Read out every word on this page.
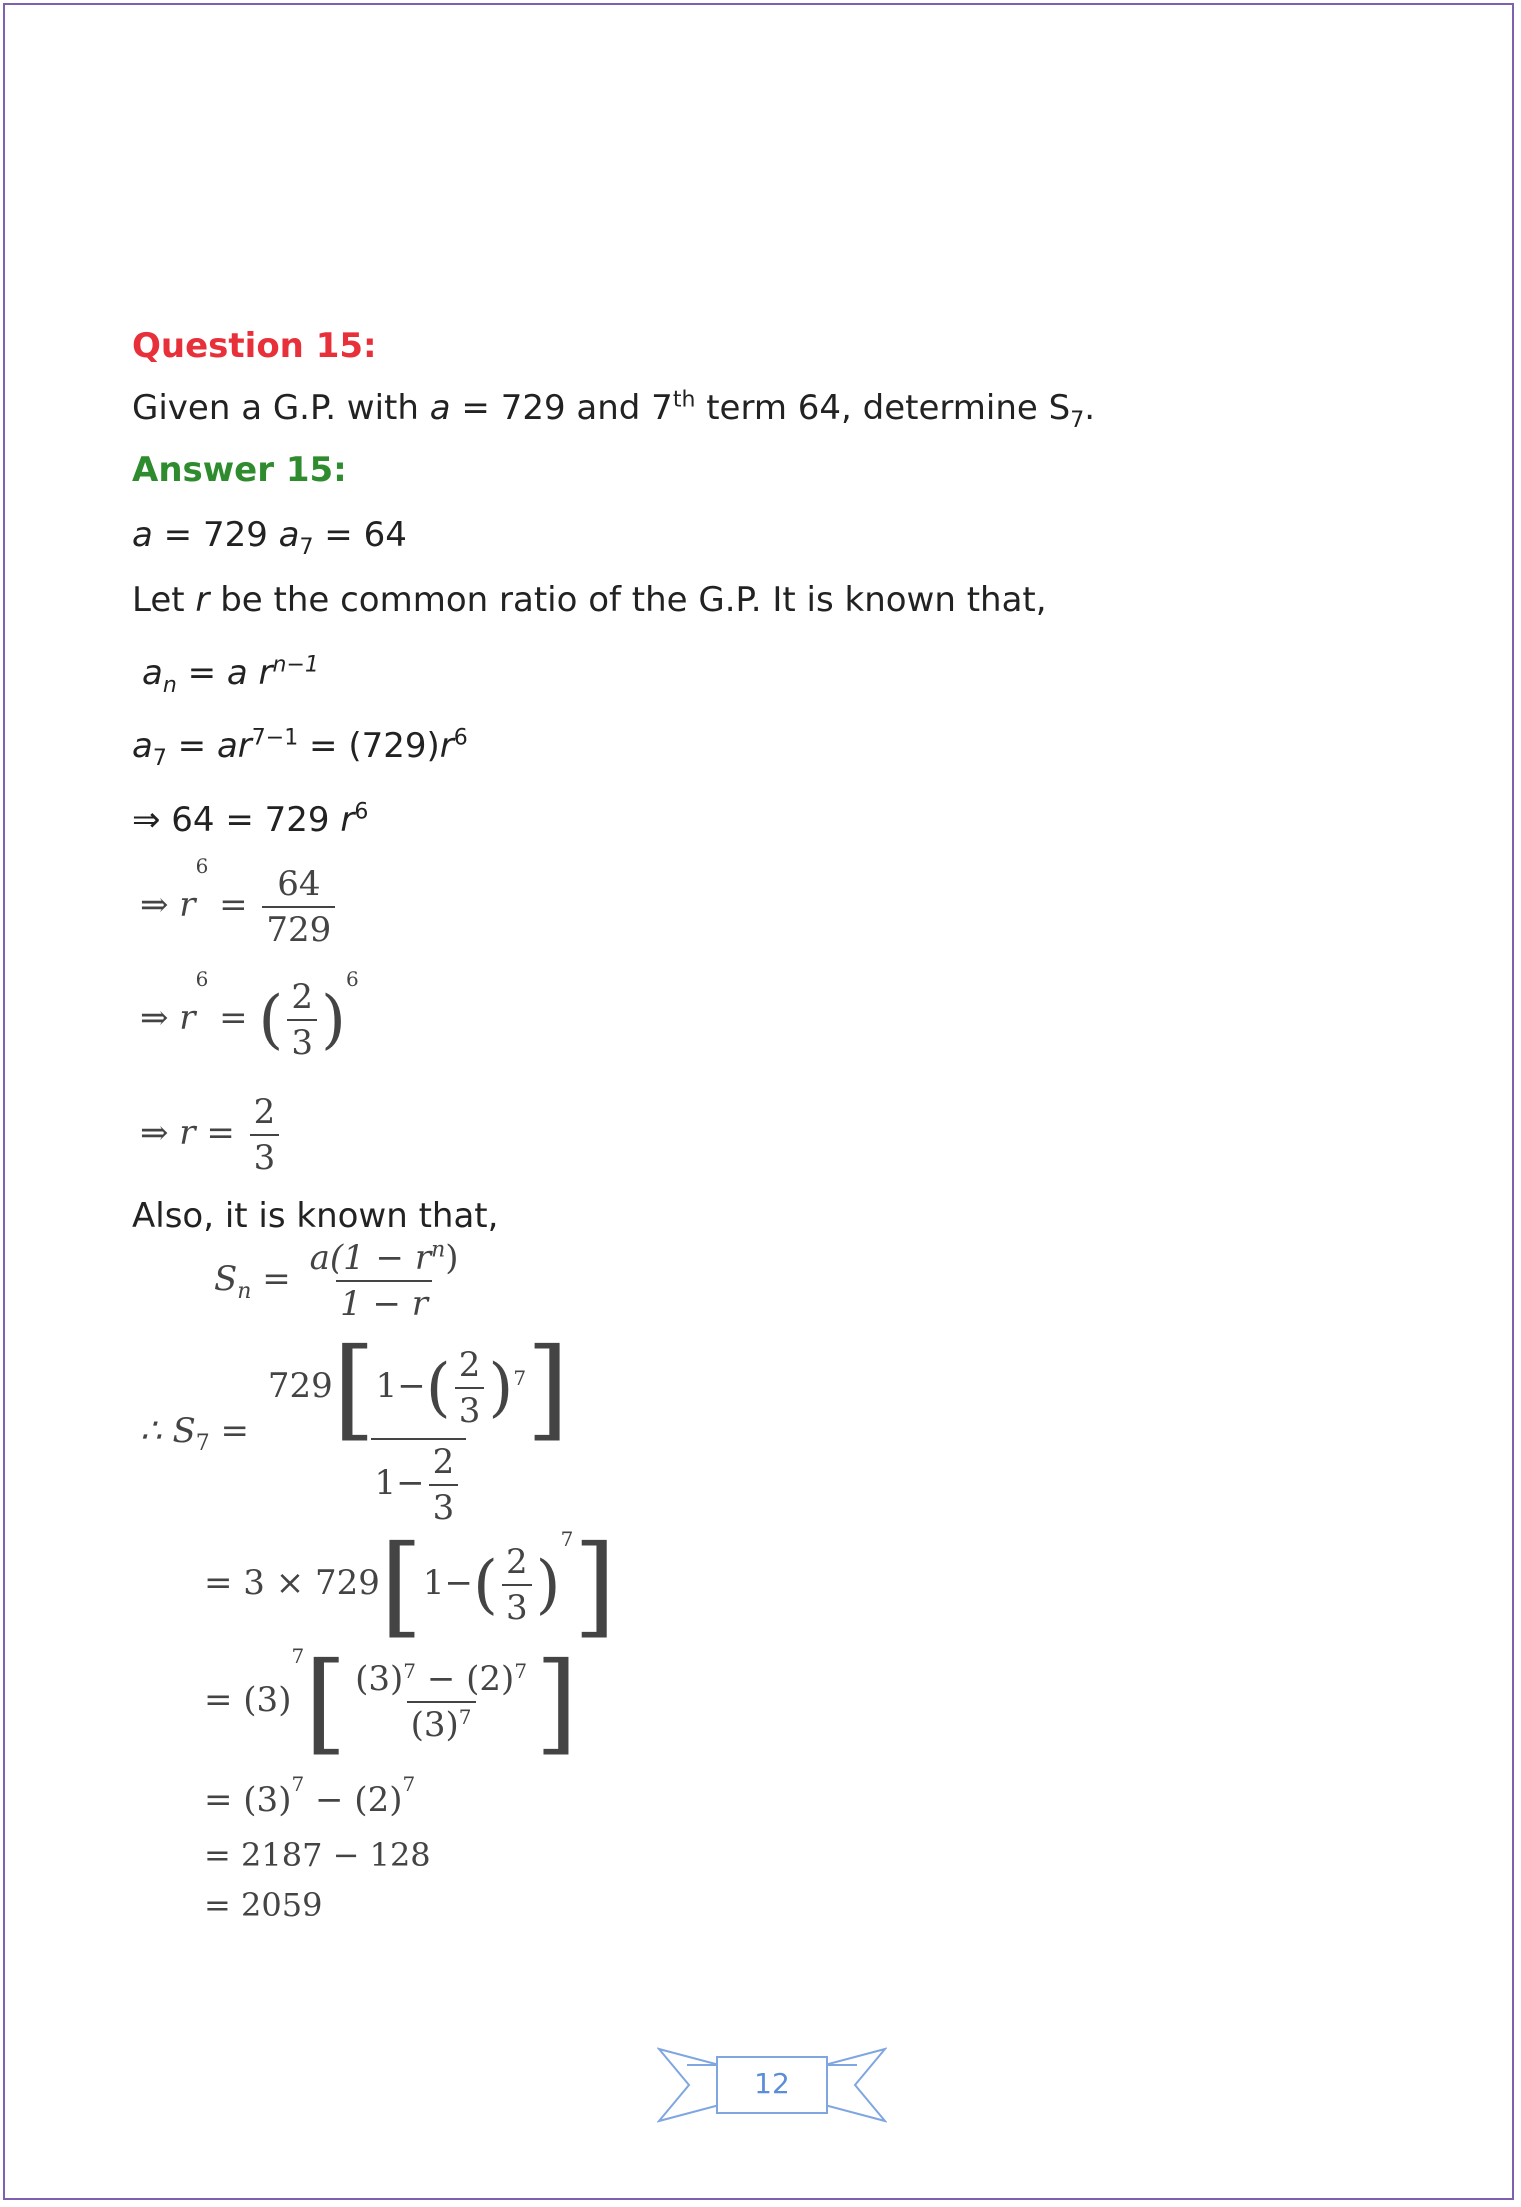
Question 15:
Given a G.P. with a = 729 and 7th term 64, determine $S_7$.
Answer 15:
a = 729 $a_7 = 64$
Let r be the common ratio of the G.P. It is known that,
$a_n = a$ $r^{n-1}$
$a_7 = ar^{7-1} = (729)r^6$
⇒ 64 = 729 $r^6$
⇒ $r^6 = \frac{64}{729}$
⇒ $r^6$ = ( $\frac{2}{3} )^6$
⇒ $r = \frac{2}{3}$
Also, it is known that,
$S_n = \frac{a(1 - r^n)}{1 - r}$
∴ $S_7 = \frac{729[1-( \frac{2}{3} )^7]}{1- \frac{2}{3}}$
= $3 \times 729[1-( \frac{2}{3} )^7]$
= $(3)^7[ \frac{(3)^7 - (2)^7}{(3)^7}$ ]
= $(3)^7 - (2)^7$
= 2187 − 128
= 2059
12
